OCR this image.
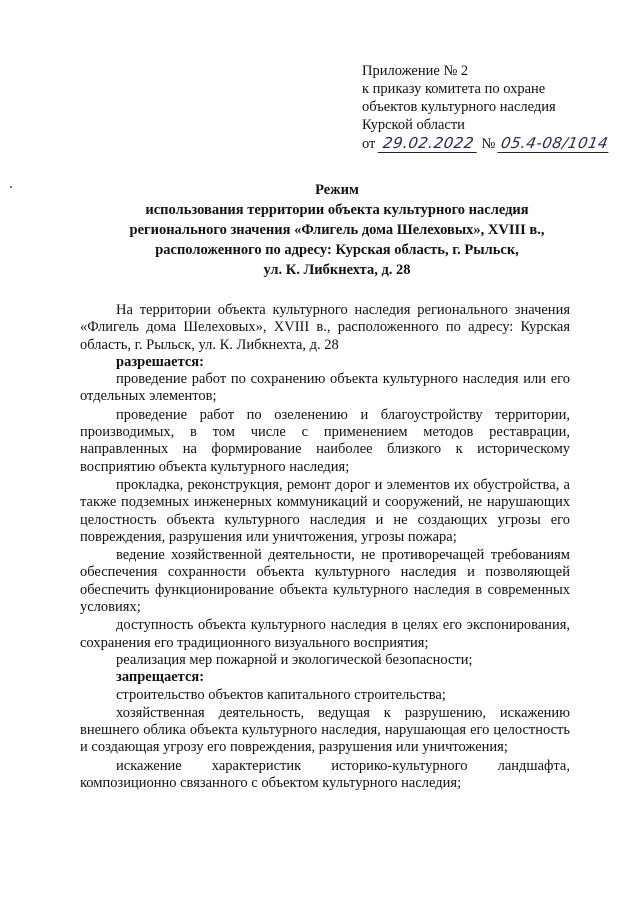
Приложение № 2
к приказу комитета по охране
объектов культурного наследия
Курской области
от 29.02.2022 № 05.4-08/1014
Режим
использования территории объекта культурного наследия
регионального значения «Флигель дома Шелеховых», XVIII в.,
расположенного по адресу: Курская область, г. Рыльск,
ул. К. Либкнехта, д. 28

На территории объекта культурного наследия регионального значения «Флигель дома Шелеховых», XVIII в., расположенного по адресу: Курская область, г. Рыльск, ул. К. Либкнехта, д. 28

разрешается:

проведение работ по сохранению объекта культурного наследия или его отдельных элементов;

проведение работ по озеленению и благоустройству территории, производимых, в том числе с применением методов реставрации, направленных на формирование наиболее близкого к историческому восприятию объекта культурного наследия;

прокладка, реконструкция, ремонт дорог и элементов их обустройства, а также подземных инженерных коммуникаций и сооружений, не нарушающих целостность объекта культурного наследия и не создающих угрозы его повреждения, разрушения или уничтожения, угрозы пожара;

ведение хозяйственной деятельности, не противоречащей требованиям обеспечения сохранности объекта культурного наследия и позволяющей обеспечить функционирование объекта культурного наследия в современных условиях;

доступность объекта культурного наследия в целях его экспонирования, сохранения его традиционного визуального восприятия;

реализация мер пожарной и экологической безопасности;

запрещается:

строительство объектов капитального строительства;

хозяйственная деятельность, ведущая к разрушению, искажению внешнего облика объекта культурного наследия, нарушающая его целостность и создающая угрозу его повреждения, разрушения или уничтожения;

искажение характеристик историко-культурного ландшафта, композиционно связанного с объектом культурного наследия;
